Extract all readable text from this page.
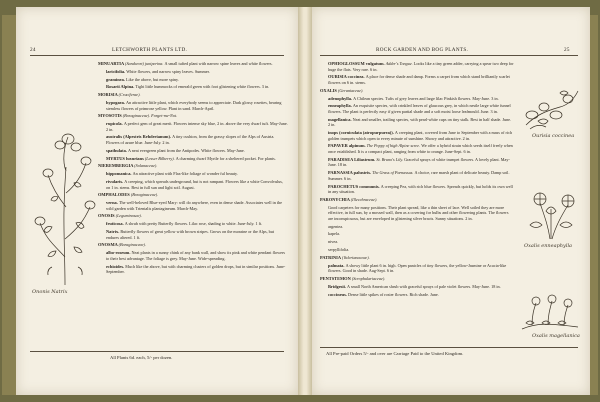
24	LETCHWORTH PLANTS LTD.
MINUARTIA (Sandwort) juniperina. A small tufted plant with narrow spine leaves and white flowers.
laricifolia. White flowers, and narrow spiny leaves. Summer.
graminea. Like the above, but more spiny.
Rosarii Alpina. Tight little hummocks of emerald green with foot glistening white flowers. 3 in.
MORISIA (Cruciferae).
hypogaea. An attractive little plant, which everybody seems to appreciate. Dark glossy rosettes, bearing stemless flowers of primrose yellow. Plant in sand. March-April.
MYOSOTIS (Boraginaceae). Forget-me-Not.
rupicola. A perfect gem of great merit. Flowers intense sky blue, 2 in. above the very dwarf tuft. May-June. 2 in.
australis (Alpestris Rehderianum). A tiny cushion, from the grassy slopes of the Alps of Austria. Flowers of azure blue. June-July. 2 in.
spathulata. A neat evergreen plant from the Antipodes. White flowers. May-June.
MYRTUS luxurians (Lesser Bilberry). A charming dwarf Myrtle for a sheltered pocket. For plants.
NIEREMBERGIA (Solanaceae).
hippomanica. An attractive plant with Flax-like foliage of wonder ful beauty.
rivularis. A creeping, which spreads underground, but is not rampant. Flowers like a white Convolvulus, on 1 in. stems. Best in full sun and light soil. August.
OMPHALODES (Boraginaceae).
verna. The well-beloved Blue-eyed Mary: will do anywhere, even in dense shade. Associates well in the wild garden with Trientalis plantagineum. March-May.
ONOSIS (Leguminosae).
fruticosa. A shrub with pretty Butterfly flowers. Lilac rose, shading to white. June-July. 1 ft.
Natrix. Butterfly flowers of great yellow with brown stripes. Grows on the moraine or the Alps, but endures altered. 1 ft.
ONOSMA (Boraginaceae).
albo-roseum. Neat plants in a sunny chink of any bank wall, and show its pink and white pendant flowers to their best advantage. The foliage is grey. May-June. Wide-spreading.
echioides. Much like the above, but with charming clusters of golden drops, but in similar positions. June-September.
All Plants 6d. each, 5/- per dozen.
Ononis Natrix
ROCK GARDEN AND BOG PLANTS.	25
OPHIOGLOSSUM vulgatum. Adder's Tongue. Looks like a tiny green adder, carrying a spear two deep for huge the flats. Very rare. 6 in.
OURISIA coccinea. A place for dense shade and damp. Forms a carpet from which stand brilliantly scarlet flowers on 6 in. stems.
OXALIS (Geraniaceae).
adenophylla. A Chilean species. Tufts of grey leaves and large lilac Pinkish flowers. May-June. 3 in.
enneaphylla. An exquisite species, with crinkled leaves of glaucous grey, in which nestle large white funnel flowers. The plant is perfectly easy if given partial shade and a soft moist loose leafmould. June. 3 in.
magellanica. Neat and smaller, trailing species, with pearl-white cups on tiny stalk. Best in half shade. June. 2 in.
inops (corniculata (atropurpurea)). A creeping plant, covered from June to September with a mass of rich golden trumpets which open to every minute of sunshine. Showy and attractive. 2 in.
PAPAVER alpinum. The Poppy of high Alpine scree. We offer a hybrid strain which seeds itself freely when once established. It is a compact plant, ranging from white to orange. June-Sept. 6 in.
PARADISEA Liliastrum. St. Bruno's Lily. Graceful sprays of white trumpet flowers. A lovely plant. May-June. 18 in.
PARNASSIA palustris. The Grass of Parnassus. A choice, rare marsh plant of delicate beauty. Damp soil. Summer. 6 in.
PAROCHETUS communis. A creeping Pea, with rich blue flowers. Spreads quickly, but holds its own well in any situation.
PARONYCHIA (Illecebraceae).
Good carpeters for many positions. Their plant spread, like a thin sheet of lace. Well soiled they are more effective, in full sun, by a mossed wall, then as a covering for bulbs and other flowering plants. The flowers are inconspicuous, but are enveloped in glistening silver bracts. Sunny situations. 2 in.
argentea.
kapela.
nivea.
serpyllifolia.
PATRINIA (Valerianaceae).
palmata. A showy little plant 6 in. high. Open panicles of tiny flowers, the yellow-Jasmine or Acacia-like flowers. Good in shade. Aug-Sept. 6 in.
PENTSTEMON (Scrophulariaceae).
Bridgesii. A small North American shrub with graceful sprays of pale violet flowers. May-June. 18 in.
coccineus. Dense little spikes of rosier flowers. Rich shade. June.
All Pre-paid Orders 5/- and over are Carriage Paid to the United Kingdom.
Ourisia coccinea
Oxalis enneaphylla
Oxalis magellanica
